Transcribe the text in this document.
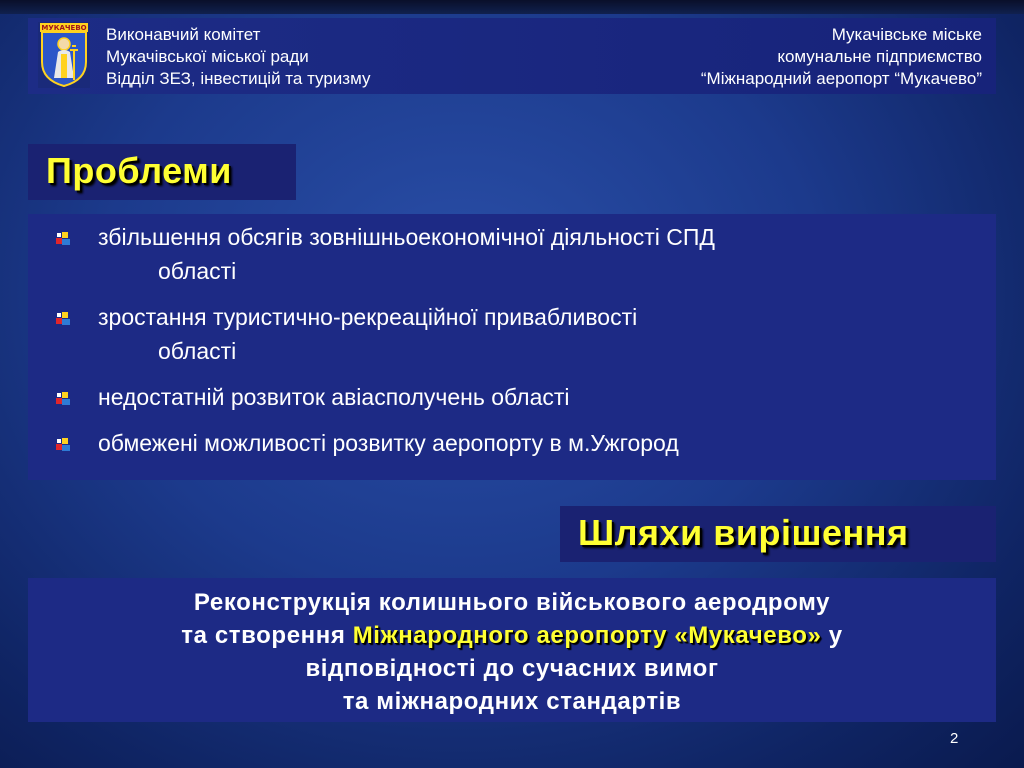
МУКАЧЕВО Виконавчий комітет
Мукачівської міської ради
Відділ ЗЕЗ, інвестицій та туризму
Мукачівське міське
комунальне підприємство
“Міжнародний аеропорт “Мукачево”
Проблеми
збільшення обсягів зовнішньоекономічної діяльності СПД
області
зростання туристично-рекреаційної привабливості
області
недостатній розвиток авіасполучень області
обмежені можливості розвитку аеропорту в м.Ужгород
Шляхи вирішення
Реконструкція колишнього військового аеродрому
та створення Міжнародного аеропорту «Мукачево» у
відповідності до сучасних вимог
та міжнародних стандартів
2
